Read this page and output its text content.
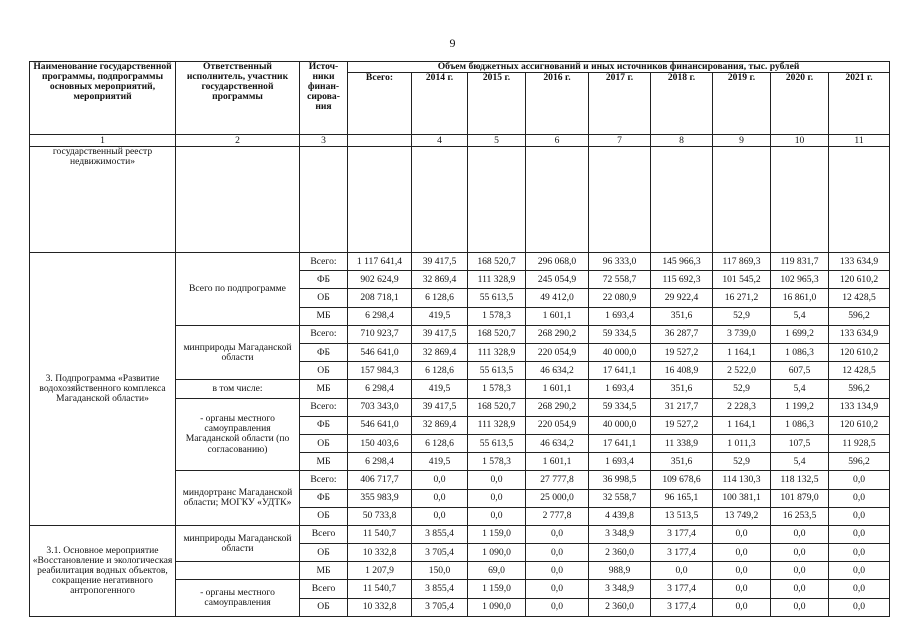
9
Наименование государственной программы, подпрограммы основных мероприятий, мероприятий	Ответственный исполнитель, участник государственной программы	Источ-ники финан-сирова-ния	Объем бюджетных ассигнований и иных источников финансирования, тыс. рублей								
			Всего:	2014 г.	2015 г.	2016 г.	2017 г.	2018 г.	2019 г.	2020 г.	2021 г.
1	2	3		4	5	6	7	8	9	10	11
государственный реестр недвижимости»											
3. Подпрограмма «Развитие водохозяйственного комплекса Магаданской области»	Всего по подпрограмме	Всего:	1 117 641,4	39 417,5	168 520,7	296 068,0	96 333,0	145 966,3	117 869,3	119 831,7	133 634,9
		ФБ	902 624,9	32 869,4	111 328,9	245 054,9	72 558,7	115 692,3	101 545,2	102 965,3	120 610,2
		ОБ	208 718,1	6 128,6	55 613,5	49 412,0	22 080,9	29 922,4	16 271,2	16 861,0	12 428,5
		МБ	6 298,4	419,5	1 578,3	1 601,1	1 693,4	351,6	52,9	5,4	596,2
	минприроды Магаданской области	Всего:	710 923,7	39 417,5	168 520,7	268 290,2	59 334,5	36 287,7	3 739,0	1 699,2	133 634,9
		ФБ	546 641,0	32 869,4	111 328,9	220 054,9	40 000,0	19 527,2	1 164,1	1 086,3	120 610,2
		ОБ	157 984,3	6 128,6	55 613,5	46 634,2	17 641,1	16 408,9	2 522,0	607,5	12 428,5
	в том числе:	МБ	6 298,4	419,5	1 578,3	1 601,1	1 693,4	351,6	52,9	5,4	596,2
	- органы местного самоуправления Магаданской области (по согласованию)	Всего:	703 343,0	39 417,5	168 520,7	268 290,2	59 334,5	31 217,7	2 228,3	1 199,2	133 134,9
		ФБ	546 641,0	32 869,4	111 328,9	220 054,9	40 000,0	19 527,2	1 164,1	1 086,3	120 610,2
		ОБ	150 403,6	6 128,6	55 613,5	46 634,2	17 641,1	11 338,9	1 011,3	107,5	11 928,5
		МБ	6 298,4	419,5	1 578,3	1 601,1	1 693,4	351,6	52,9	5,4	596,2
	миндортранс Магаданской области; МОГКУ «УДТК»	Всего:	406 717,7	0,0	0,0	27 777,8	36 998,5	109 678,6	114 130,3	118 132,5	0,0
		ФБ	355 983,9	0,0	0,0	25 000,0	32 558,7	96 165,1	100 381,1	101 879,0	0,0
		ОБ	50 733,8	0,0	0,0	2 777,8	4 439,8	13 513,5	13 749,2	16 253,5	0,0
3.1. Основное мероприятие «Восстановление и экологическая реабилитация водных объектов, сокращение негативного антропогенного	минприроды Магаданской области	Всего	11 540,7	3 855,4	1 159,0	0,0	3 348,9	3 177,4	0,0	0,0	0,0
		ОБ	10 332,8	3 705,4	1 090,0	0,0	2 360,0	3 177,4	0,0	0,0	0,0
		МБ	1 207,9	150,0	69,0	0,0	988,9	0,0	0,0	0,0	0,0
	- органы местного самоуправления	Всего	11 540,7	3 855,4	1 159,0	0,0	3 348,9	3 177,4	0,0	0,0	0,0
		ОБ	10 332,8	3 705,4	1 090,0	0,0	2 360,0	3 177,4	0,0	0,0	0,0
